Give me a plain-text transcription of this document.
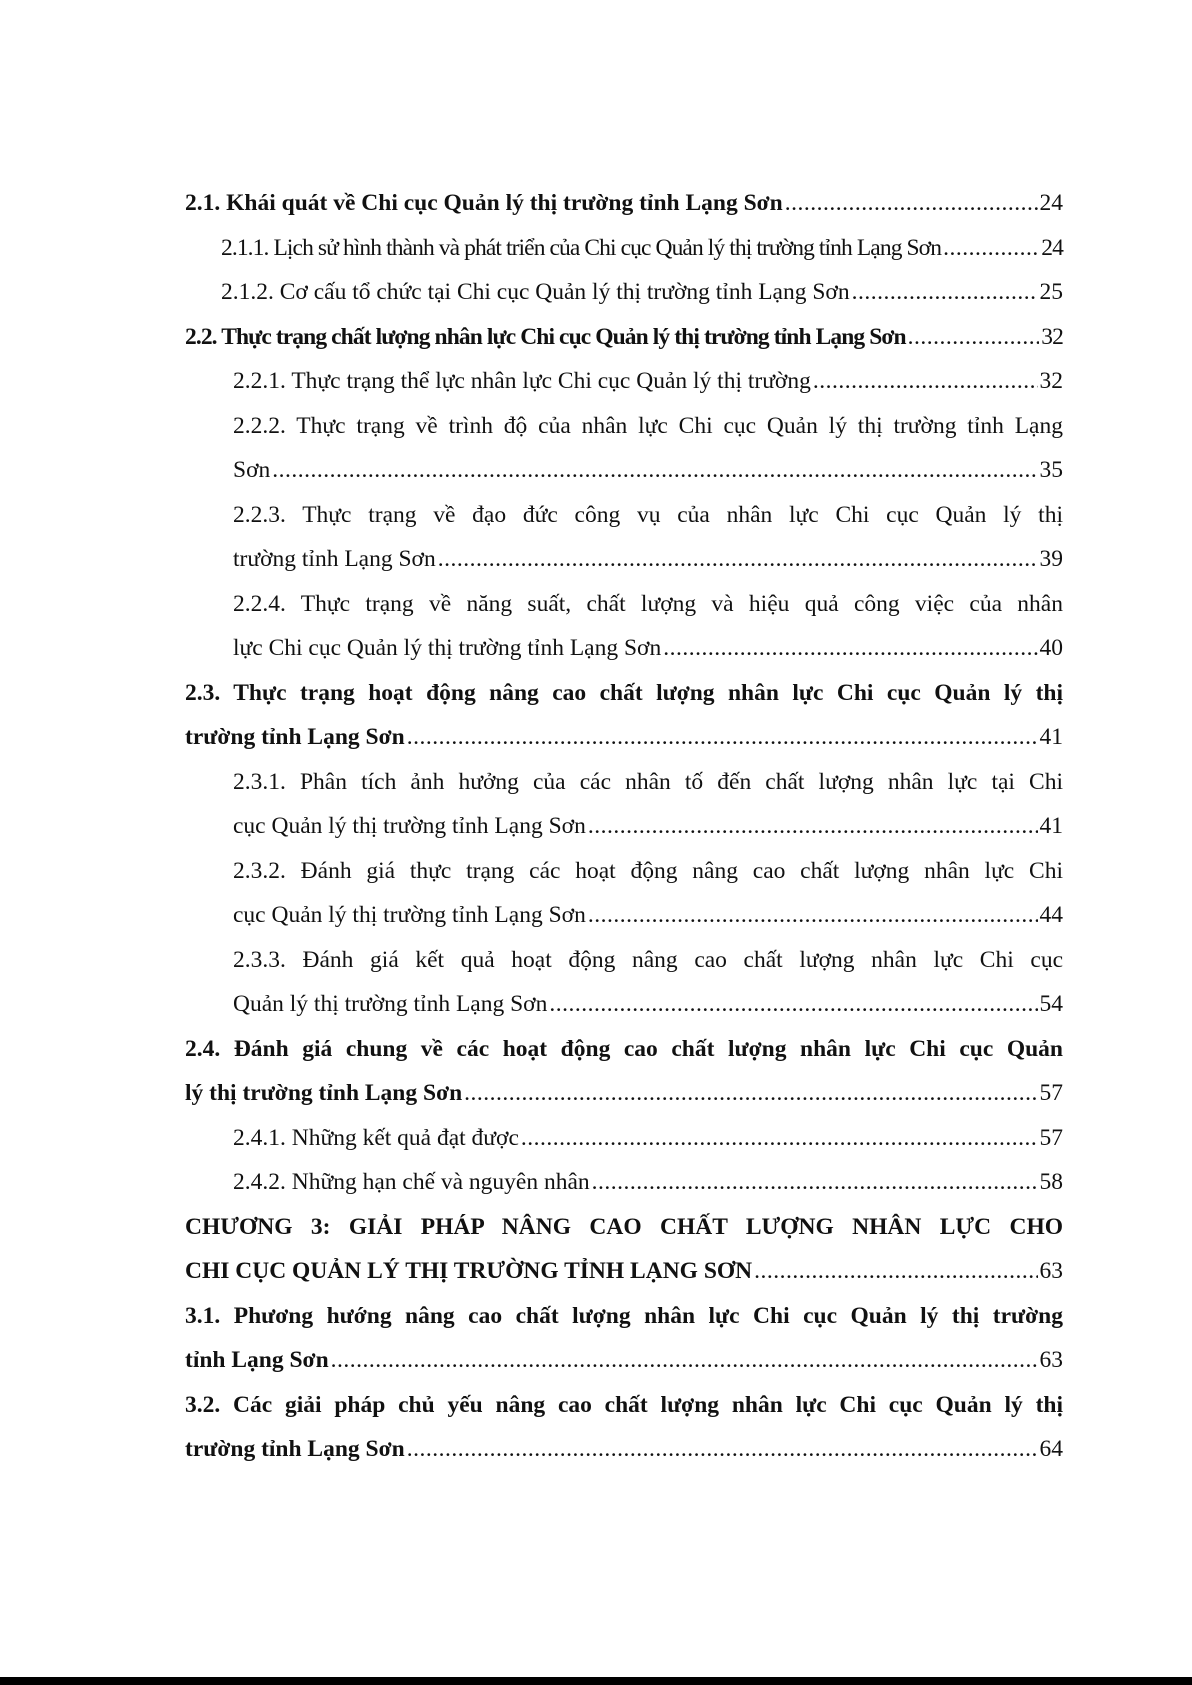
2.1. Khái quát về Chi cục Quản lý thị trường tỉnh Lạng Sơn .....	24
2.1.1. Lịch sử hình thành và phát triển của Chi cục Quản lý thị trường tỉnh Lạng Sơn .....	24
2.1.2. Cơ cấu tổ chức tại Chi cục Quản lý thị trường tỉnh Lạng Sơn .....	25
2.2. Thực trạng chất lượng nhân lực Chi cục Quản lý thị trường tỉnh Lạng Sơn .....	32
2.2.1. Thực trạng thể lực nhân lực Chi cục Quản lý thị trường .....	32
2.2.2. Thực trạng về trình độ của nhân lực Chi cục Quản lý thị trường tỉnh Lạng
Sơn .....	35
2.2.3. Thực trạng về đạo đức công vụ của nhân lực Chi cục Quản lý thị
trường tỉnh Lạng Sơn .....	39
2.2.4. Thực trạng về năng suất, chất lượng và hiệu quả công việc của nhân
lực Chi cục Quản lý thị trường tỉnh Lạng Sơn .....	40
2.3. Thực trạng hoạt động nâng cao chất lượng nhân lực Chi cục Quản lý thị
trường tỉnh Lạng Sơn .....	41
2.3.1. Phân tích ảnh hưởng của các nhân tố đến chất lượng nhân lực tại Chi
cục Quản lý thị trường tỉnh Lạng Sơn .....	41
2.3.2. Đánh giá thực trạng các hoạt động nâng cao chất lượng nhân lực Chi
cục Quản lý thị trường tỉnh Lạng Sơn .....	44
2.3.3. Đánh giá kết quả hoạt động nâng cao chất lượng nhân lực Chi cục
Quản lý thị trường tỉnh Lạng Sơn .....	54
2.4. Đánh giá chung về các hoạt động cao chất lượng nhân lực Chi cục Quản
lý thị trường tỉnh Lạng Sơn .....	57
2.4.1. Những kết quả đạt được .....	57
2.4.2. Những hạn chế và nguyên nhân .....	58
CHƯƠNG 3: GIẢI PHÁP NÂNG CAO CHẤT LƯỢNG NHÂN LỰC CHO
CHI CỤC QUẢN LÝ THỊ TRƯỜNG TỈNH LẠNG SƠN .....	63
3.1. Phương hướng nâng cao chất lượng nhân lực Chi cục Quản lý thị trường
tỉnh Lạng Sơn .....	63
3.2. Các giải pháp chủ yếu nâng cao chất lượng nhân lực Chi cục Quản lý thị
trường tỉnh Lạng Sơn .....	64
